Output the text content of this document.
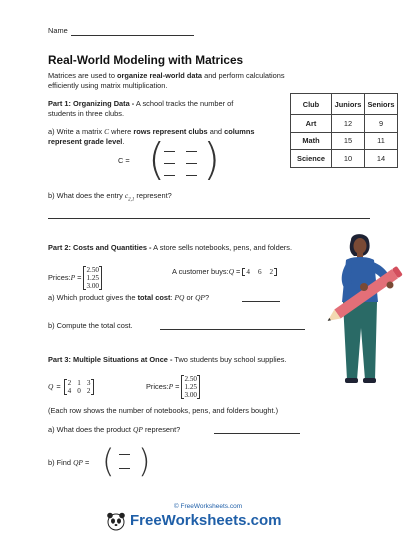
Name
Real-World Modeling with Matrices
Matrices are used to organize real-world data and perform calculations
efficiently using matrix multiplication.
Part 1: Organizing Data - A school tracks the number of
students in three clubs.
a) Write a matrix C where rows represent clubs and columns
represent grade level.
C = ( )
b) What does the entry $c_{2,1}$ represent?
Club	Juniors	Seniors
Art	12	9
Math	15	11
Science	10	14
Part 2: Costs and Quantities - A store sells notebooks, pens, and folders.
Prices: P =
2.50
1.25
3.00
A customer buys: Q = 4 6 2
a) Which product gives the total cost: PQ or QP?
b) Compute the total cost.
Part 3: Multiple Situations at Once - Two students buy school supplies.
Q = 2 1 3
4 0 2	Prices: P =
2.50
1.25
3.00
(Each row shows the number of notebooks, pens, and folders bought.)
a) What does the product QP represent?
b) Find QP = ( )
© FreeWorksheets.com
FreeWorksheets.com
